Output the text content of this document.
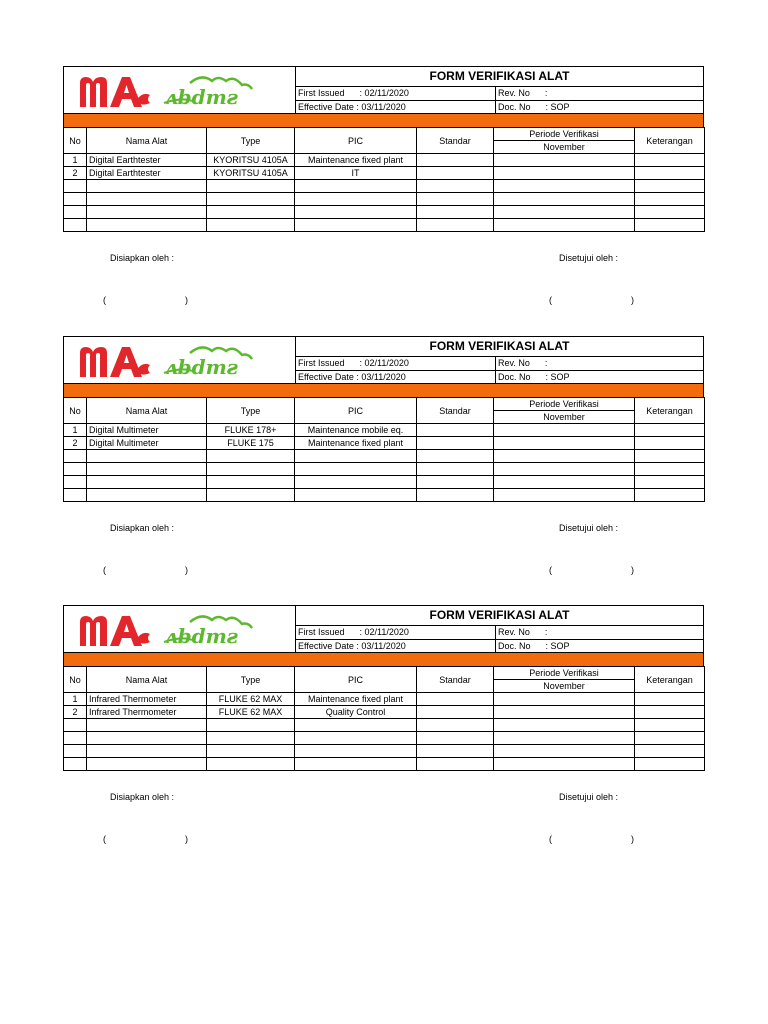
ʌbdmƨ
FORM VERIFIKASI ALAT
First Issued      : 02/11/2020	Rev. No      :
Effective Date : 03/11/2020	Doc. No      : SOP
No	Nama Alat	Type	PIC	Standar	Periode Verifikasi	Keterangan
					November	
1	Digital Earthtester	KYORITSU 4105A	Maintenance fixed plant			
2	Digital Earthtester	KYORITSU 4105A	IT			

Disiapkan oleh :	Disetujui oleh :
(	)	(	)
ʌbdmƨ
FORM VERIFIKASI ALAT
First Issued      : 02/11/2020	Rev. No      :
Effective Date : 03/11/2020	Doc. No      : SOP
No	Nama Alat	Type	PIC	Standar	Periode Verifikasi	Keterangan
					November	
1	Digital Multimeter	FLUKE 178+	Maintenance mobile eq.			
2	Digital Multimeter	FLUKE 175	Maintenance fixed plant			

Disiapkan oleh :	Disetujui oleh :
(	)	(	)
ʌbdmƨ
FORM VERIFIKASI ALAT
First Issued      : 02/11/2020	Rev. No      :
Effective Date : 03/11/2020	Doc. No      : SOP
No	Nama Alat	Type	PIC	Standar	Periode Verifikasi	Keterangan
					November	
1	Infrared Thermometer	FLUKE 62 MAX	Maintenance fixed plant			
2	Infrared Thermometer	FLUKE 62 MAX	Quality Control			

Disiapkan oleh :	Disetujui oleh :
(	)	(	)
